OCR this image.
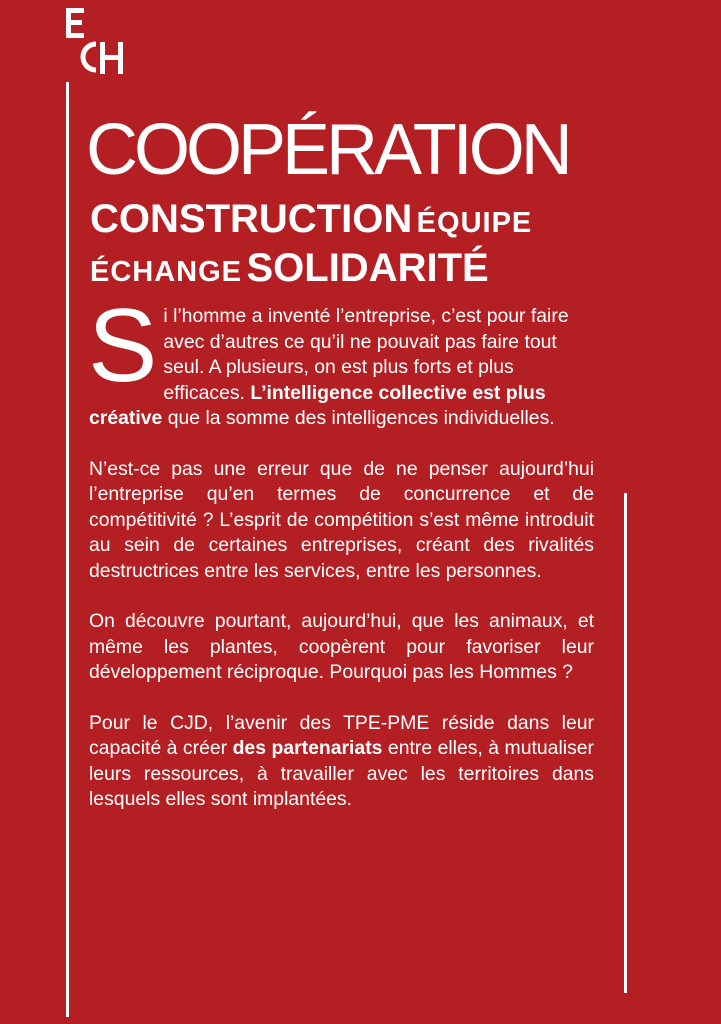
COOPÉRATION
CONSTRUCTION ÉQUIPE
ÉCHANGE SOLIDARITÉ

Si l’homme a inventé l’entreprise, c’est pour faire avec d’autres ce qu’il ne pouvait pas faire tout seul. A plusieurs, on est plus forts et plus efficaces. L’intelligence collective est plus créative que la somme des intelligences individuelles.

N’est-ce pas une erreur que de ne penser aujourd’hui l’entreprise qu’en termes de concurrence et de compétitivité ? L’esprit de compétition s’est même introduit au sein de certaines entreprises, créant des rivalités destructrices entre les services, entre les personnes.

On découvre pourtant, aujourd’hui, que les animaux, et même les plantes, coopèrent pour favoriser leur développement réciproque. Pourquoi pas les Hommes ?

Pour le CJD, l’avenir des TPE-PME réside dans leur capacité à créer des partenariats entre elles, à mutualiser leurs ressources, à travailler avec les territoires dans lesquels elles sont implantées.
